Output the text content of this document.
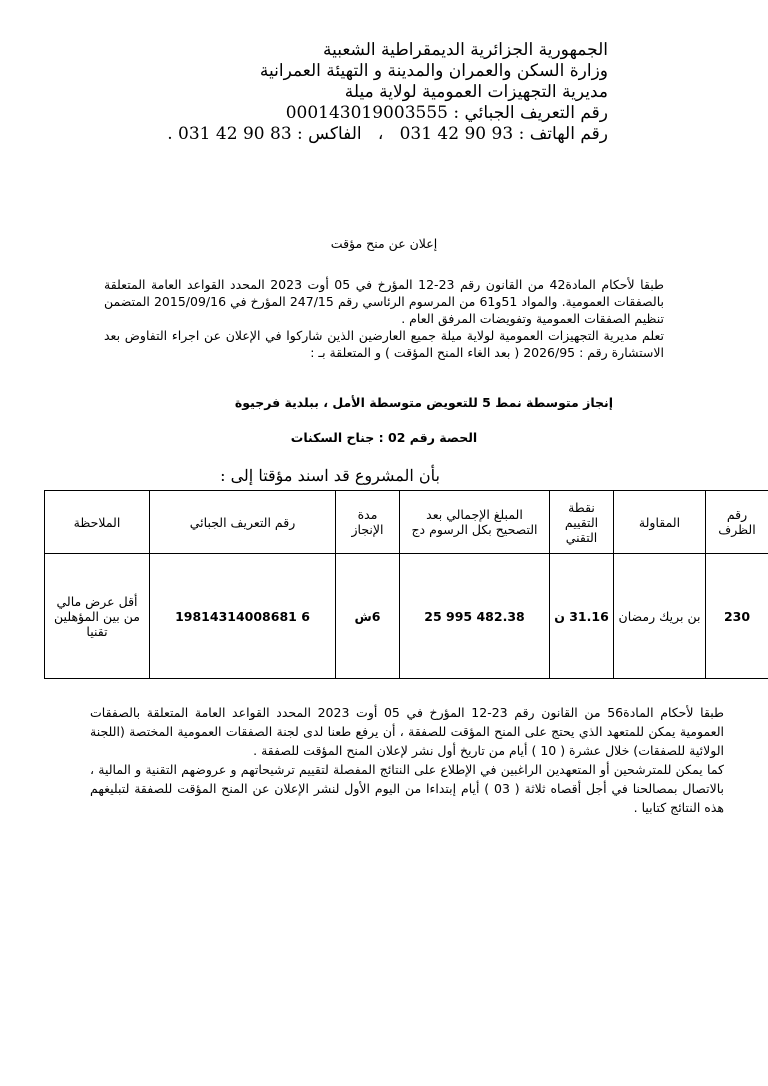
الجمهورية الجزائرية الديمقراطية الشعبية
وزارة السكن والعمران والمدينة و التهيئة العمرانية
مديرية التجهيزات العمومية لولاية ميلة
رقم التعريف الجبائي : 000143019003555
رقم الهاتف : 93 90 42 031   ،   الفاكس : 83 90 42 031 .
إعلان عن منح مؤقت

طبقا لأحكام المادة42 من القانون رقم 23-12 المؤرخ في 05 أوت 2023 المحدد القواعد العامة المتعلقة بالصفقات العمومية. والمواد 51و61 من المرسوم الرئاسي رقم 247/15 المؤرخ في 2015/09/16 المتضمن تنظيم الصفقات العمومية وتفويضات المرفق العام .

تعلم مديرية التجهيزات العمومية لولاية ميلة جميع العارضين الذين شاركوا في الإعلان عن اجراء التفاوض بعد الاستشارة رقم : 2026/95 ( بعد الغاء المنح المؤقت ) و المتعلقة بـ :

إنجاز متوسطة نمط 5 للتعويض متوسطة الأمل ، ببلدية فرجيوة
الحصة رقم 02 : جناح السكنات
بأن المشروع قد اسند مؤقتا إلى :
رقم الظرف	المقاولة	نقطة التقييم التقني	المبلغ الإجمالي بعد التصحيح بكل الرسوم دج	مدة الإنجاز	رقم التعريف الجبائي	الملاحظة
230	بن بريك رمضان	31.16 ن	25 995 482.38	6ش	19814314008681 6	أقل عرض مالي من بين المؤهلين تقنيا

طبقا لأحكام المادة56 من القانون رقم 23-12 المؤرخ في 05 أوت 2023 المحدد القواعد العامة المتعلقة بالصفقات العمومية يمكن للمتعهد الذي يحتج على المنح المؤقت للصفقة ، أن يرفع طعنا لدى لجنة الصفقات العمومية المختصة (اللجنة الولائية للصفقات) خلال عشرة ( 10 ) أيام من تاريخ أول نشر لإعلان المنح المؤقت للصفقة .

كما يمكن للمترشحين أو المتعهدين الراغبين في الإطلاع على النتائج المفصلة لتقييم ترشيحاتهم و عروضهم التقنية و المالية ، بالاتصال بمصالحنا في أجل أقصاه ثلاثة ( 03 ) أيام إبتداءا من اليوم الأول لنشر الإعلان عن المنح المؤقت للصفقة لتبليغهم هذه النتائج كتابيا .
